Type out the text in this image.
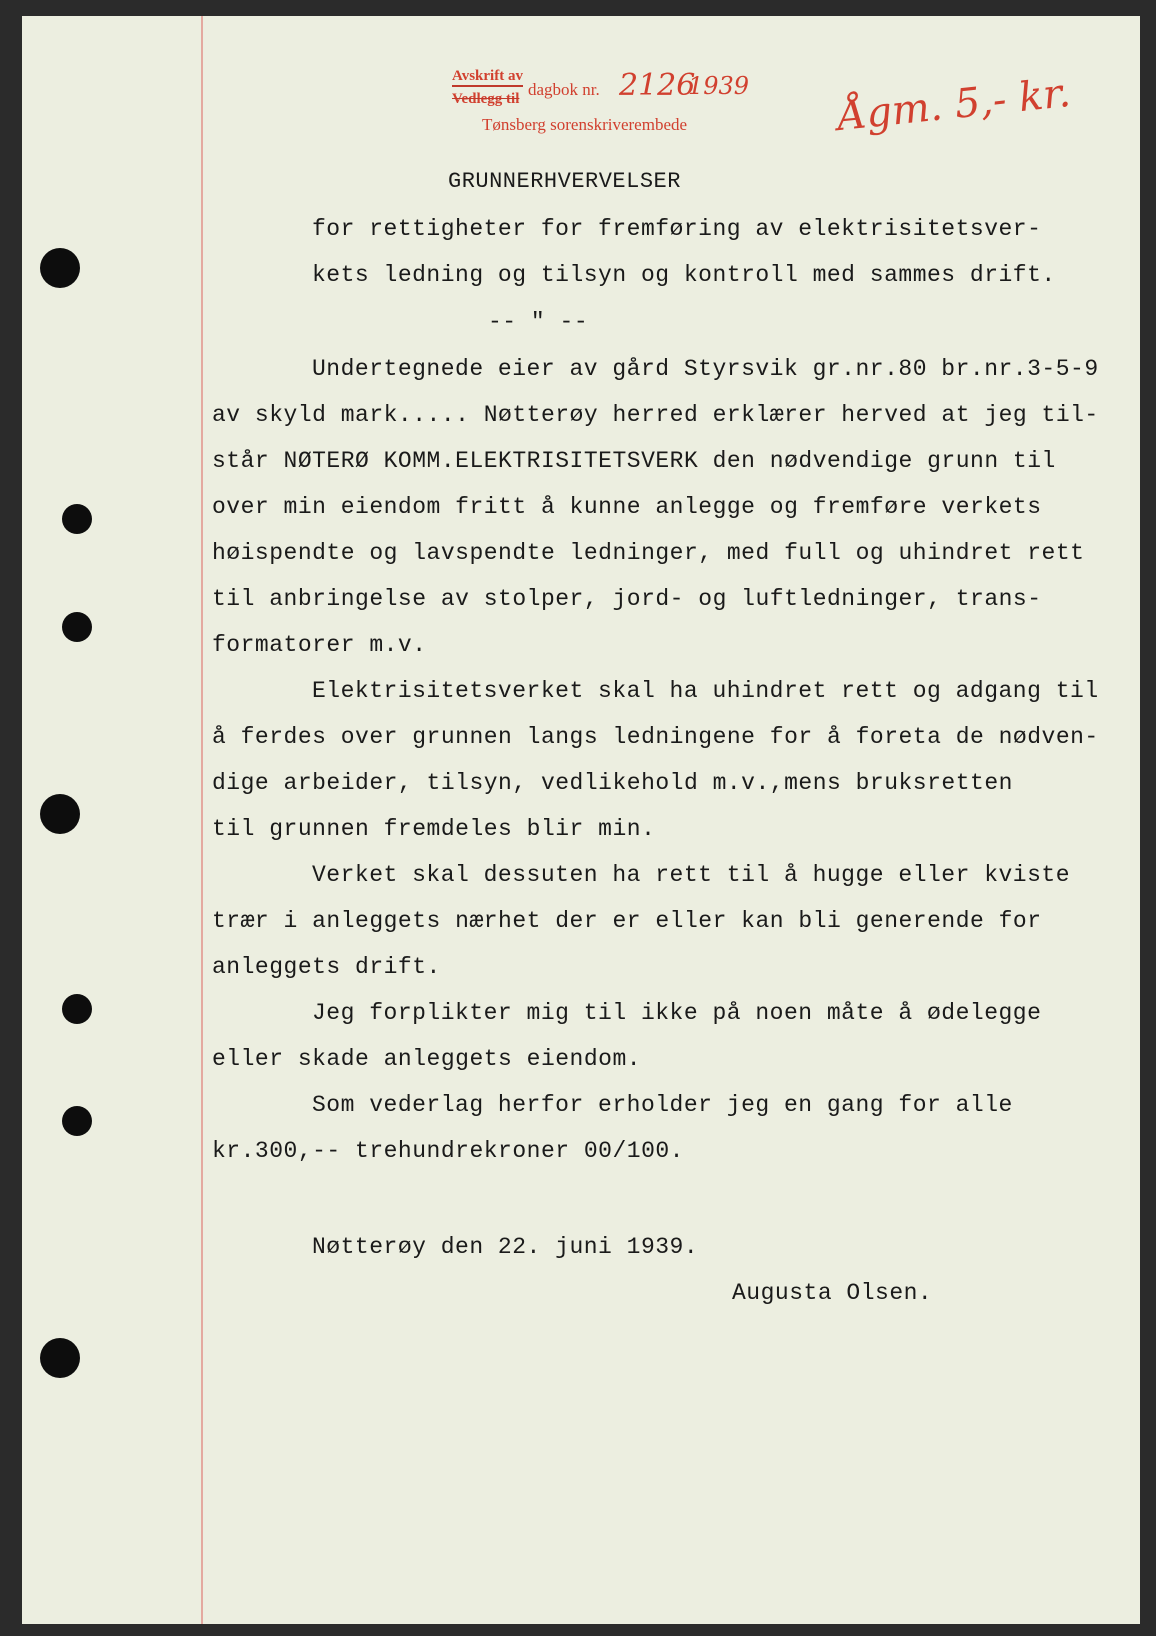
Avskrift av
Vedlegg til dagbok nr. 2126
1939
Tønsberg sorenskriverembede	Ågm. 5,- kr.
GRUNNERHVERVELSER
for rettigheter for fremføring av elektrisitetsver-
kets ledning og tilsyn og kontroll med sammes drift.
-- " --
Undertegnede eier av gård Styrsvik gr.nr.80 br.nr.3-5-9
av skyld mark..... Nøtterøy herred erklærer herved at jeg til-
står NØTERØ KOMM.ELEKTRISITETSVERK den nødvendige grunn til
over min eiendom fritt å kunne anlegge og fremføre verkets
høispendte og lavspendte ledninger, med full og uhindret rett
til anbringelse av stolper, jord- og luftledninger, trans-
formatorer m.v.
Elektrisitetsverket skal ha uhindret rett og adgang til
å ferdes over grunnen langs ledningene for å foreta de nødven-
dige arbeider, tilsyn, vedlikehold m.v.,mens bruksretten
til grunnen fremdeles blir min.
Verket skal dessuten ha rett til å hugge eller kviste
trær i anleggets nærhet der er eller kan bli generende for
anleggets drift.
Jeg forplikter mig til ikke på noen måte å ødelegge
eller skade anleggets eiendom.
Som vederlag herfor erholder jeg en gang for alle
kr.300,-- trehundrekroner 00/100.
Nøtterøy den 22. juni 1939.
Augusta Olsen.
